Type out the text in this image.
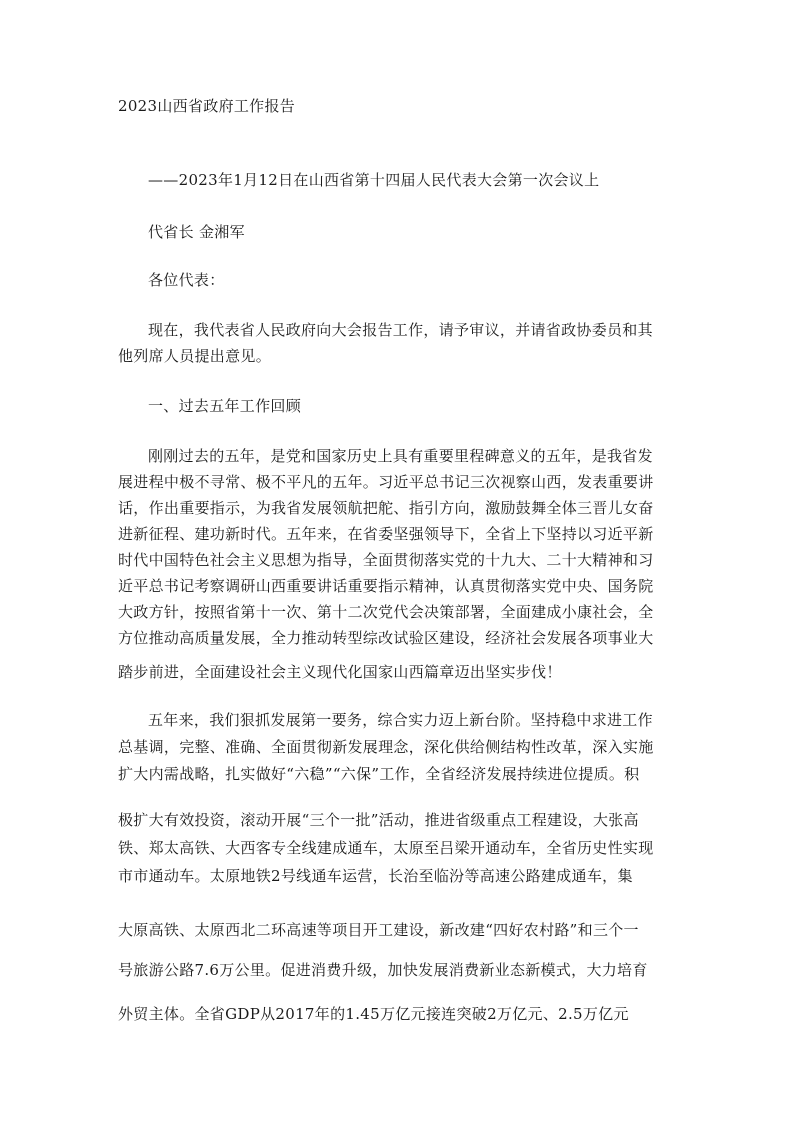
2023山西省政府工作报告
——2023年1月12日在山西省第十四届人民代表大会第一次会议上
代省长 金湘军
各位代表：
现在，我代表省人民政府向大会报告工作，请予审议，并请省政协委员和其
他列席人员提出意见。
一、过去五年工作回顾
刚刚过去的五年，是党和国家历史上具有重要里程碑意义的五年，是我省发
展进程中极不寻常、极不平凡的五年。习近平总书记三次视察山西，发表重要讲
话，作出重要指示，为我省发展领航把舵、指引方向，激励鼓舞全体三晋儿女奋
进新征程、建功新时代。五年来，在省委坚强领导下，全省上下坚持以习近平新
时代中国特色社会主义思想为指导，全面贯彻落实党的十九大、二十大精神和习
近平总书记考察调研山西重要讲话重要指示精神，认真贯彻落实党中央、国务院
大政方针，按照省第十一次、第十二次党代会决策部署，全面建成小康社会，全
方位推动高质量发展，全力推动转型综改试验区建设，经济社会发展各项事业大
踏步前进，全面建设社会主义现代化国家山西篇章迈出坚实步伐！
五年来，我们狠抓发展第一要务，综合实力迈上新台阶。坚持稳中求进工作
总基调，完整、准确、全面贯彻新发展理念，深化供给侧结构性改革，深入实施
扩大内需战略，扎实做好“六稳”“六保”工作，全省经济发展持续进位提质。积
极扩大有效投资，滚动开展“三个一批”活动，推进省级重点工程建设，大张高
铁、郑太高铁、大西客专全线建成通车，太原至吕梁开通动车，全省历史性实现
市市通动车。太原地铁2号线通车运营，长治至临汾等高速公路建成通车，集
大原高铁、太原西北二环高速等项目开工建设，新改建“四好农村路”和三个一
号旅游公路7.6万公里。促进消费升级，加快发展消费新业态新模式，大力培育
外贸主体。全省GDP从2017年的1.45万亿元接连突破2万亿元、2.5万亿元
